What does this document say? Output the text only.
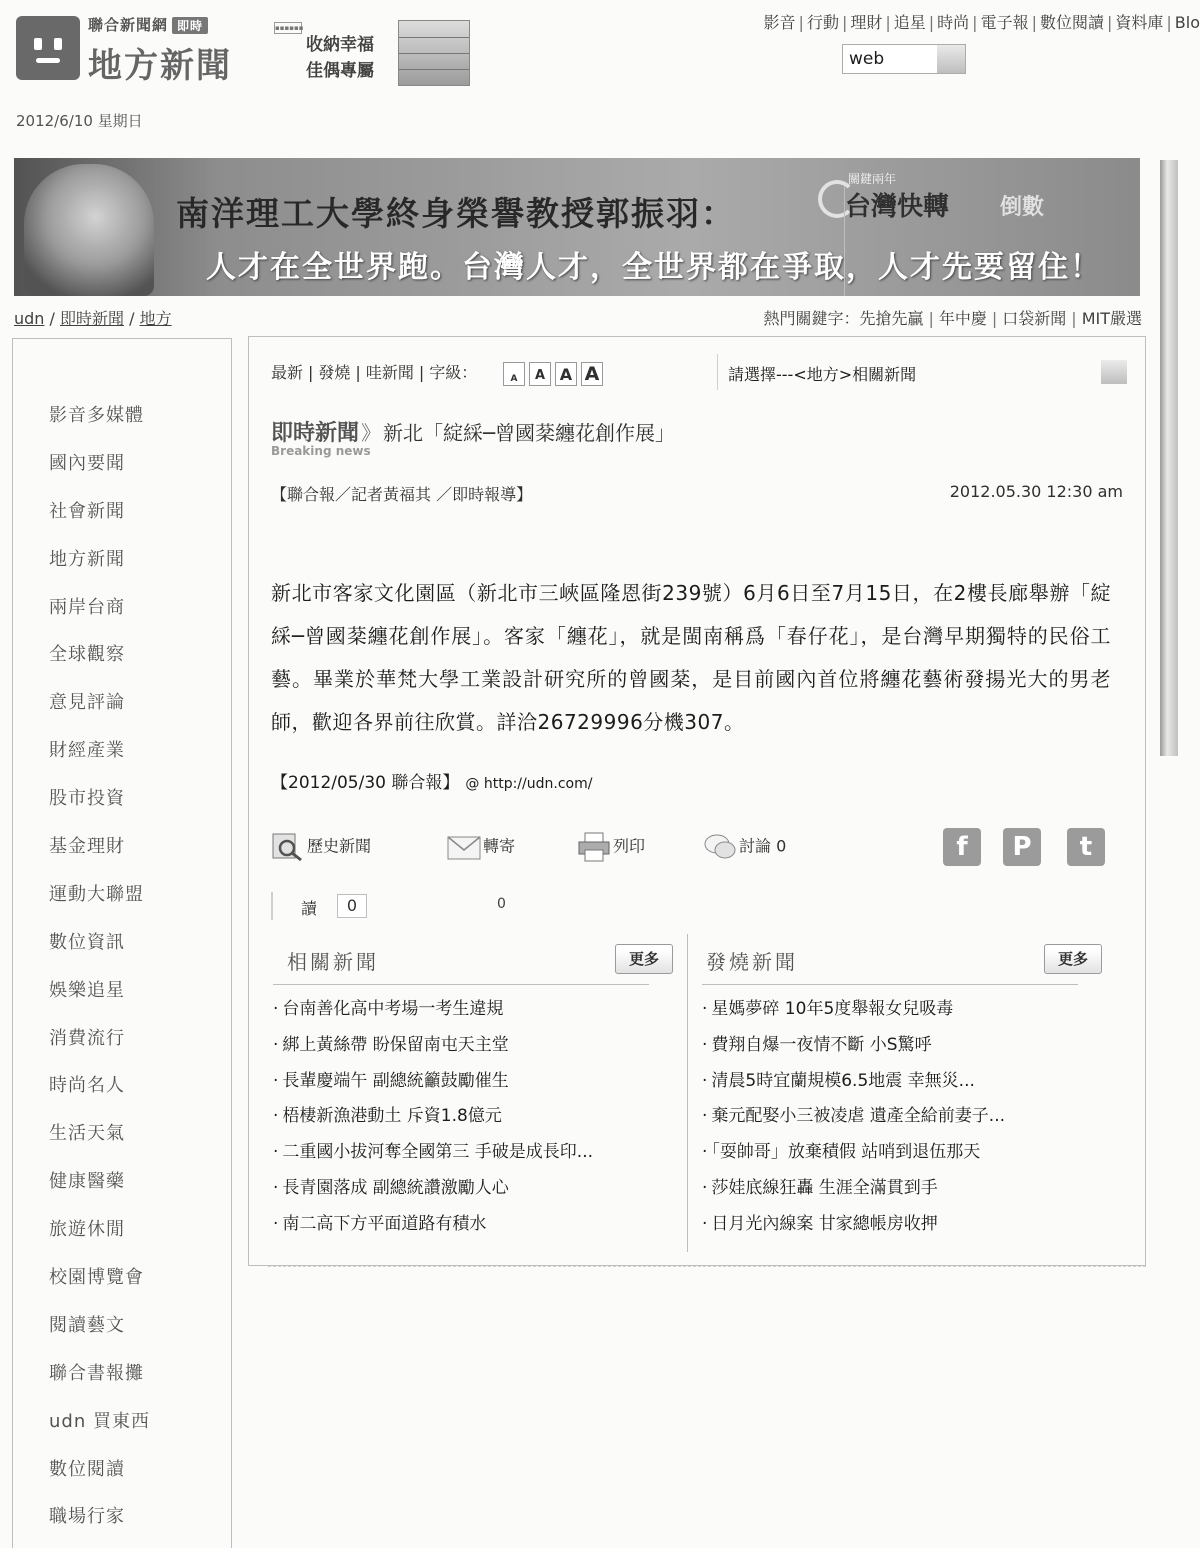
聯合新聞網 即時
地方新聞
▪▪▪▪▪▪
收納幸福
佳偶專屬
影音 | 行動 | 理財 | 追星 | 時尚 | 電子報 | 數位閱讀 | 資料庫 | Blo
web
2012/6/10 星期日
南洋理工大學終身榮譽教授郭振羽：
人才在全世界跑。台灣人才，全世界都在爭取，人才先要留住！
關鍵兩年
台灣快轉	倒數
udn / 即時新聞 / 地方	熱門關鍵字：先搶先贏 | 年中慶 | 口袋新聞 | MIT嚴選
影音多媒體
國內要聞
社會新聞
地方新聞
兩岸台商
全球觀察
意見評論
財經產業
股市投資
基金理財
運動大聯盟
數位資訊
娛樂追星
消費流行
時尚名人
生活天氣
健康醫藥
旅遊休閒
校園博覽會
閱讀藝文
聯合書報攤
udn 買東西
數位閱讀
職場行家
最新 | 發燒 | 哇新聞 | 字級：	A A A A	請選擇---<地方>相關新聞
即時新聞 》 新北「綻綵─曾國棻纏花創作展」
Breaking news
【聯合報／記者黃福其 ／即時報導】	2012.05.30 12:30 am
新北市客家文化園區（新北市三峽區隆恩街239號）6月6日至7月15日，在2樓長廊舉辦「綻綵─曾國棻纏花創作展」。客家「纏花」，就是閩南稱爲「春仔花」，是台灣早期獨特的民俗工藝。畢業於華梵大學工業設計研究所的曾國棻，是目前國內首位將纏花藝術發揚光大的男老師，歡迎各界前往欣賞。詳洽26729996分機307。
【2012/05/30 聯合報】 @ http://udn.com/
歷史新聞	轉寄	列印	討論 0	f	P	t
讀	0	0
相關新聞	更多
· 台南善化高中考場一考生違規
· 綁上黃絲帶 盼保留南屯天主堂
· 長輩慶端午 副總統籲鼓勵催生
· 梧棲新漁港動土 斥資1.8億元
· 二重國小拔河奪全國第三 手破是成長印...
· 長青園落成 副總統讚激勵人心
· 南二高下方平面道路有積水
發燒新聞	更多
· 星媽夢碎 10年5度舉報女兒吸毒
· 費翔自爆一夜情不斷 小S驚呼
· 清晨5時宜蘭規模6.5地震 幸無災...
· 棄元配娶小三被凌虐 遺產全給前妻子...
· 「耍帥哥」放棄積假 站哨到退伍那天
· 莎娃底線狂轟 生涯全滿貫到手
· 日月光內線案 甘家總帳房收押
